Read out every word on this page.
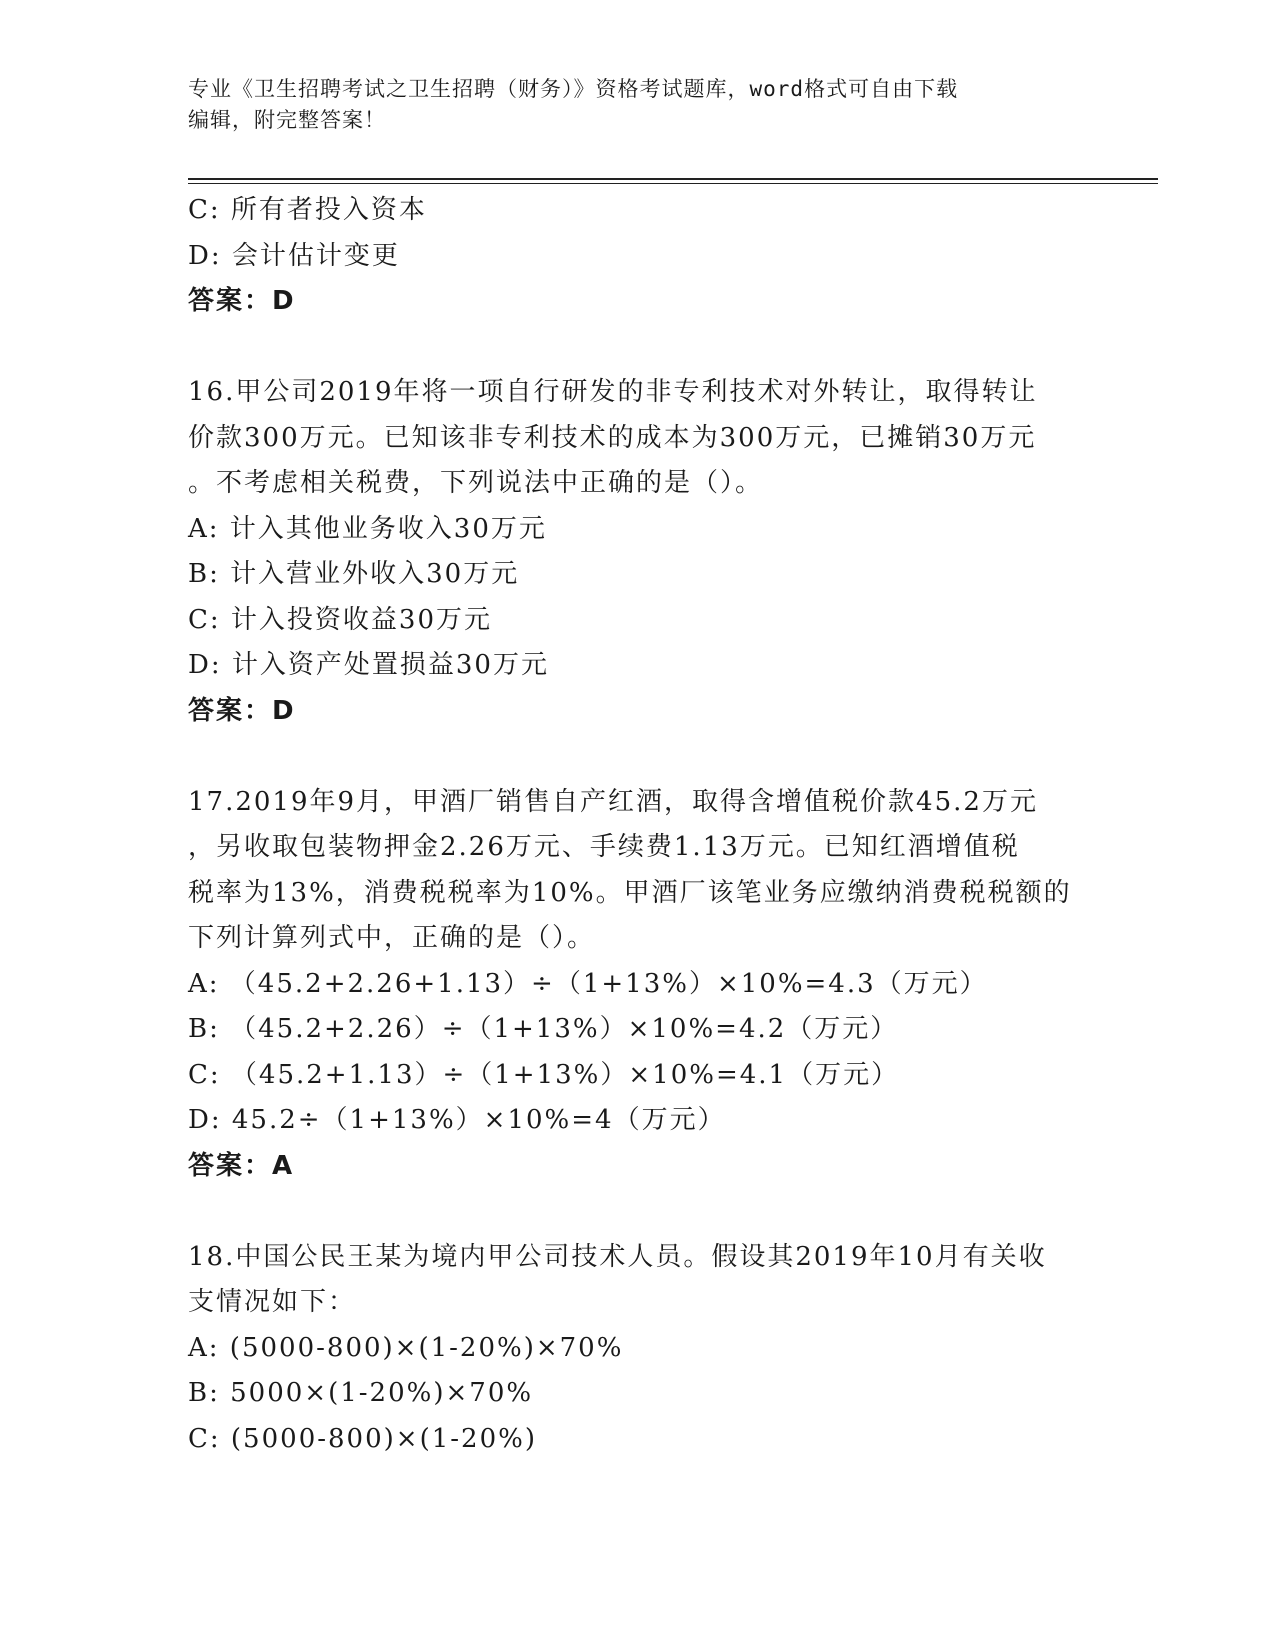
专业《卫生招聘考试之卫生招聘（财务）》资格考试题库，word格式可自由下载
编辑，附完整答案！
C: 所有者投入资本
D: 会计估计变更
答案：D
16.甲公司2019年将一项自行研发的非专利技术对外转让，取得转让
价款300万元。已知该非专利技术的成本为300万元，已摊销30万元
。不考虑相关税费，下列说法中正确的是（）。
A: 计入其他业务收入30万元
B: 计入营业外收入30万元
C: 计入投资收益30万元
D: 计入资产处置损益30万元
答案：D
17.2019年9月，甲酒厂销售自产红酒，取得含增值税价款45.2万元
，另收取包装物押金2.26万元、手续费1.13万元。已知红酒增值税
税率为13%，消费税税率为10%。甲酒厂该笔业务应缴纳消费税税额的
下列计算列式中，正确的是（）。
A: （45.2+2.26+1.13）÷（1+13%）×10%=4.3（万元）
B: （45.2+2.26）÷（1+13%）×10%=4.2（万元）
C: （45.2+1.13）÷（1+13%）×10%=4.1（万元）
D: 45.2÷（1+13%）×10%=4（万元）
答案：A
18.中国公民王某为境内甲公司技术人员。假设其2019年10月有关收
支情况如下：
A: (5000-800)×(1-20%)×70%
B: 5000×(1-20%)×70%
C: (5000-800)×(1-20%)
